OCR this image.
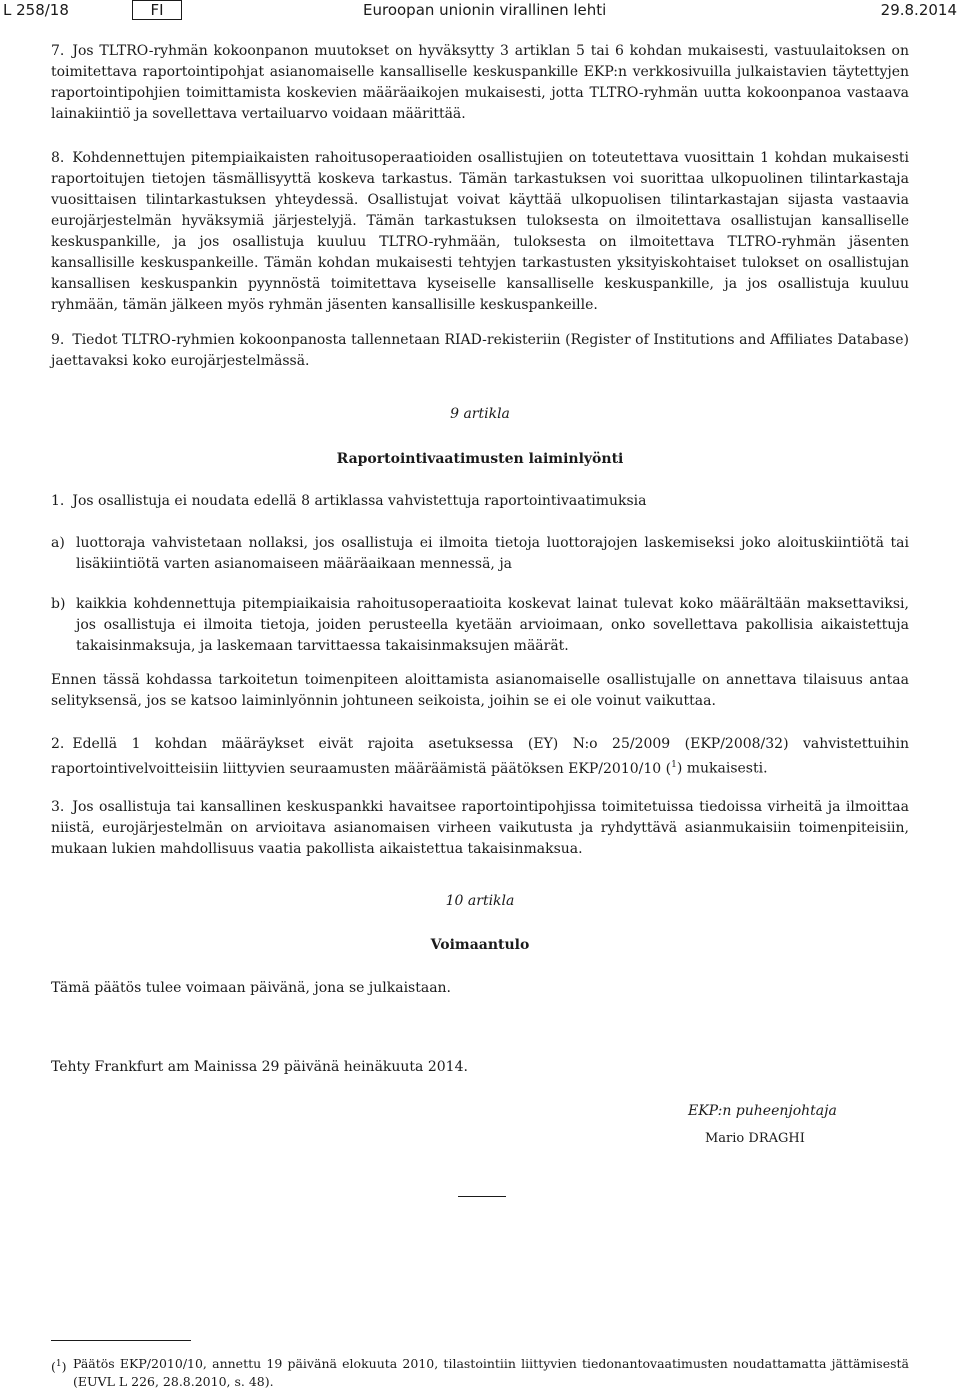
L 258/18	FI	Euroopan unionin virallinen lehti	29.8.2014
7. Jos TLTRO-ryhmän kokoonpanon muutokset on hyväksytty 3 artiklan 5 tai 6 kohdan mukaisesti, vastuulaitoksen on toimitettava raportointipohjat asianomaiselle kansalliselle keskuspankille EKP:n verkkosivuilla julkaistavien täytettyjen raportointipohjien toimittamista koskevien määräaikojen mukaisesti, jotta TLTRO-ryhmän uutta kokoonpanoa vastaava lainakiintiö ja sovellettava vertailuarvo voidaan määrittää.
8. Kohdennettujen pitempiaikaisten rahoitusoperaatioiden osallistujien on toteutettava vuosittain 1 kohdan mukaisesti raportoitujen tietojen täsmällisyyttä koskeva tarkastus. Tämän tarkastuksen voi suorittaa ulkopuolinen tilintarkastaja vuosittaisen tilintarkastuksen yhteydessä. Osallistujat voivat käyttää ulkopuolisen tilintarkastajan sijasta vastaavia eurojärjestelmän hyväksymiä järjestelyjä. Tämän tarkastuksen tuloksesta on ilmoitettava osallistujan kansalliselle keskuspankille, ja jos osallistuja kuuluu TLTRO-ryhmään, tuloksesta on ilmoitettava TLTRO-ryhmän jäsenten kansallisille keskuspankeille. Tämän kohdan mukaisesti tehtyjen tarkastusten yksityiskohtaiset tulokset on osallistujan kansallisen keskuspankin pyynnöstä toimitettava kyseiselle kansalliselle keskuspankille, ja jos osallistuja kuuluu ryhmään, tämän jälkeen myös ryhmän jäsenten kansallisille keskuspankeille.
9. Tiedot TLTRO-ryhmien kokoonpanosta tallennetaan RIAD-rekisteriin (Register of Institutions and Affiliates Database) jaettavaksi koko eurojärjestelmässä.
9 artikla
Raportointivaatimusten laiminlyönti
1. Jos osallistuja ei noudata edellä 8 artiklassa vahvistettuja raportointivaatimuksia
a) luottoraja vahvistetaan nollaksi, jos osallistuja ei ilmoita tietoja luottorajojen laskemiseksi joko aloituskiintiötä tai lisäkiintiötä varten asianomaiseen määräaikaan mennessä, ja
b) kaikkia kohdennettuja pitempiaikaisia rahoitusoperaatioita koskevat lainat tulevat koko määrältään maksettaviksi, jos osallistuja ei ilmoita tietoja, joiden perusteella kyetään arvioimaan, onko sovellettava pakollisia aikaistettuja takaisinmaksuja, ja laskemaan tarvittaessa takaisinmaksujen määrät.
Ennen tässä kohdassa tarkoitetun toimenpiteen aloittamista asianomaiselle osallistujalle on annettava tilaisuus antaa selityksensä, jos se katsoo laiminlyönnin johtuneen seikoista, joihin se ei ole voinut vaikuttaa.
2. Edellä 1 kohdan määräykset eivät rajoita asetuksessa (EY) N:o 25/2009 (EKP/2008/32) vahvistettuihin raportointivelvoitteisiin liittyvien seuraamusten määräämistä päätöksen EKP/2010/10 ($^1$) mukaisesti.
3. Jos osallistuja tai kansallinen keskuspankki havaitsee raportointipohjissa toimitetuissa tiedoissa virheitä ja ilmoittaa niistä, eurojärjestelmän on arvioitava asianomaisen virheen vaikutusta ja ryhdyttävä asianmukaisiin toimenpiteisiin, mukaan lukien mahdollisuus vaatia pakollista aikaistettua takaisinmaksua.
10 artikla
Voimaantulo
Tämä päätös tulee voimaan päivänä, jona se julkaistaan.
Tehty Frankfurt am Mainissa 29 päivänä heinäkuuta 2014.
EKP:n puheenjohtaja
Mario DRAGHI
($^1$) Päätös EKP/2010/10, annettu 19 päivänä elokuuta 2010, tilastointiin liittyvien tiedonantovaatimusten noudattamatta jättämisestä (EUVL L 226, 28.8.2010, s. 48).
